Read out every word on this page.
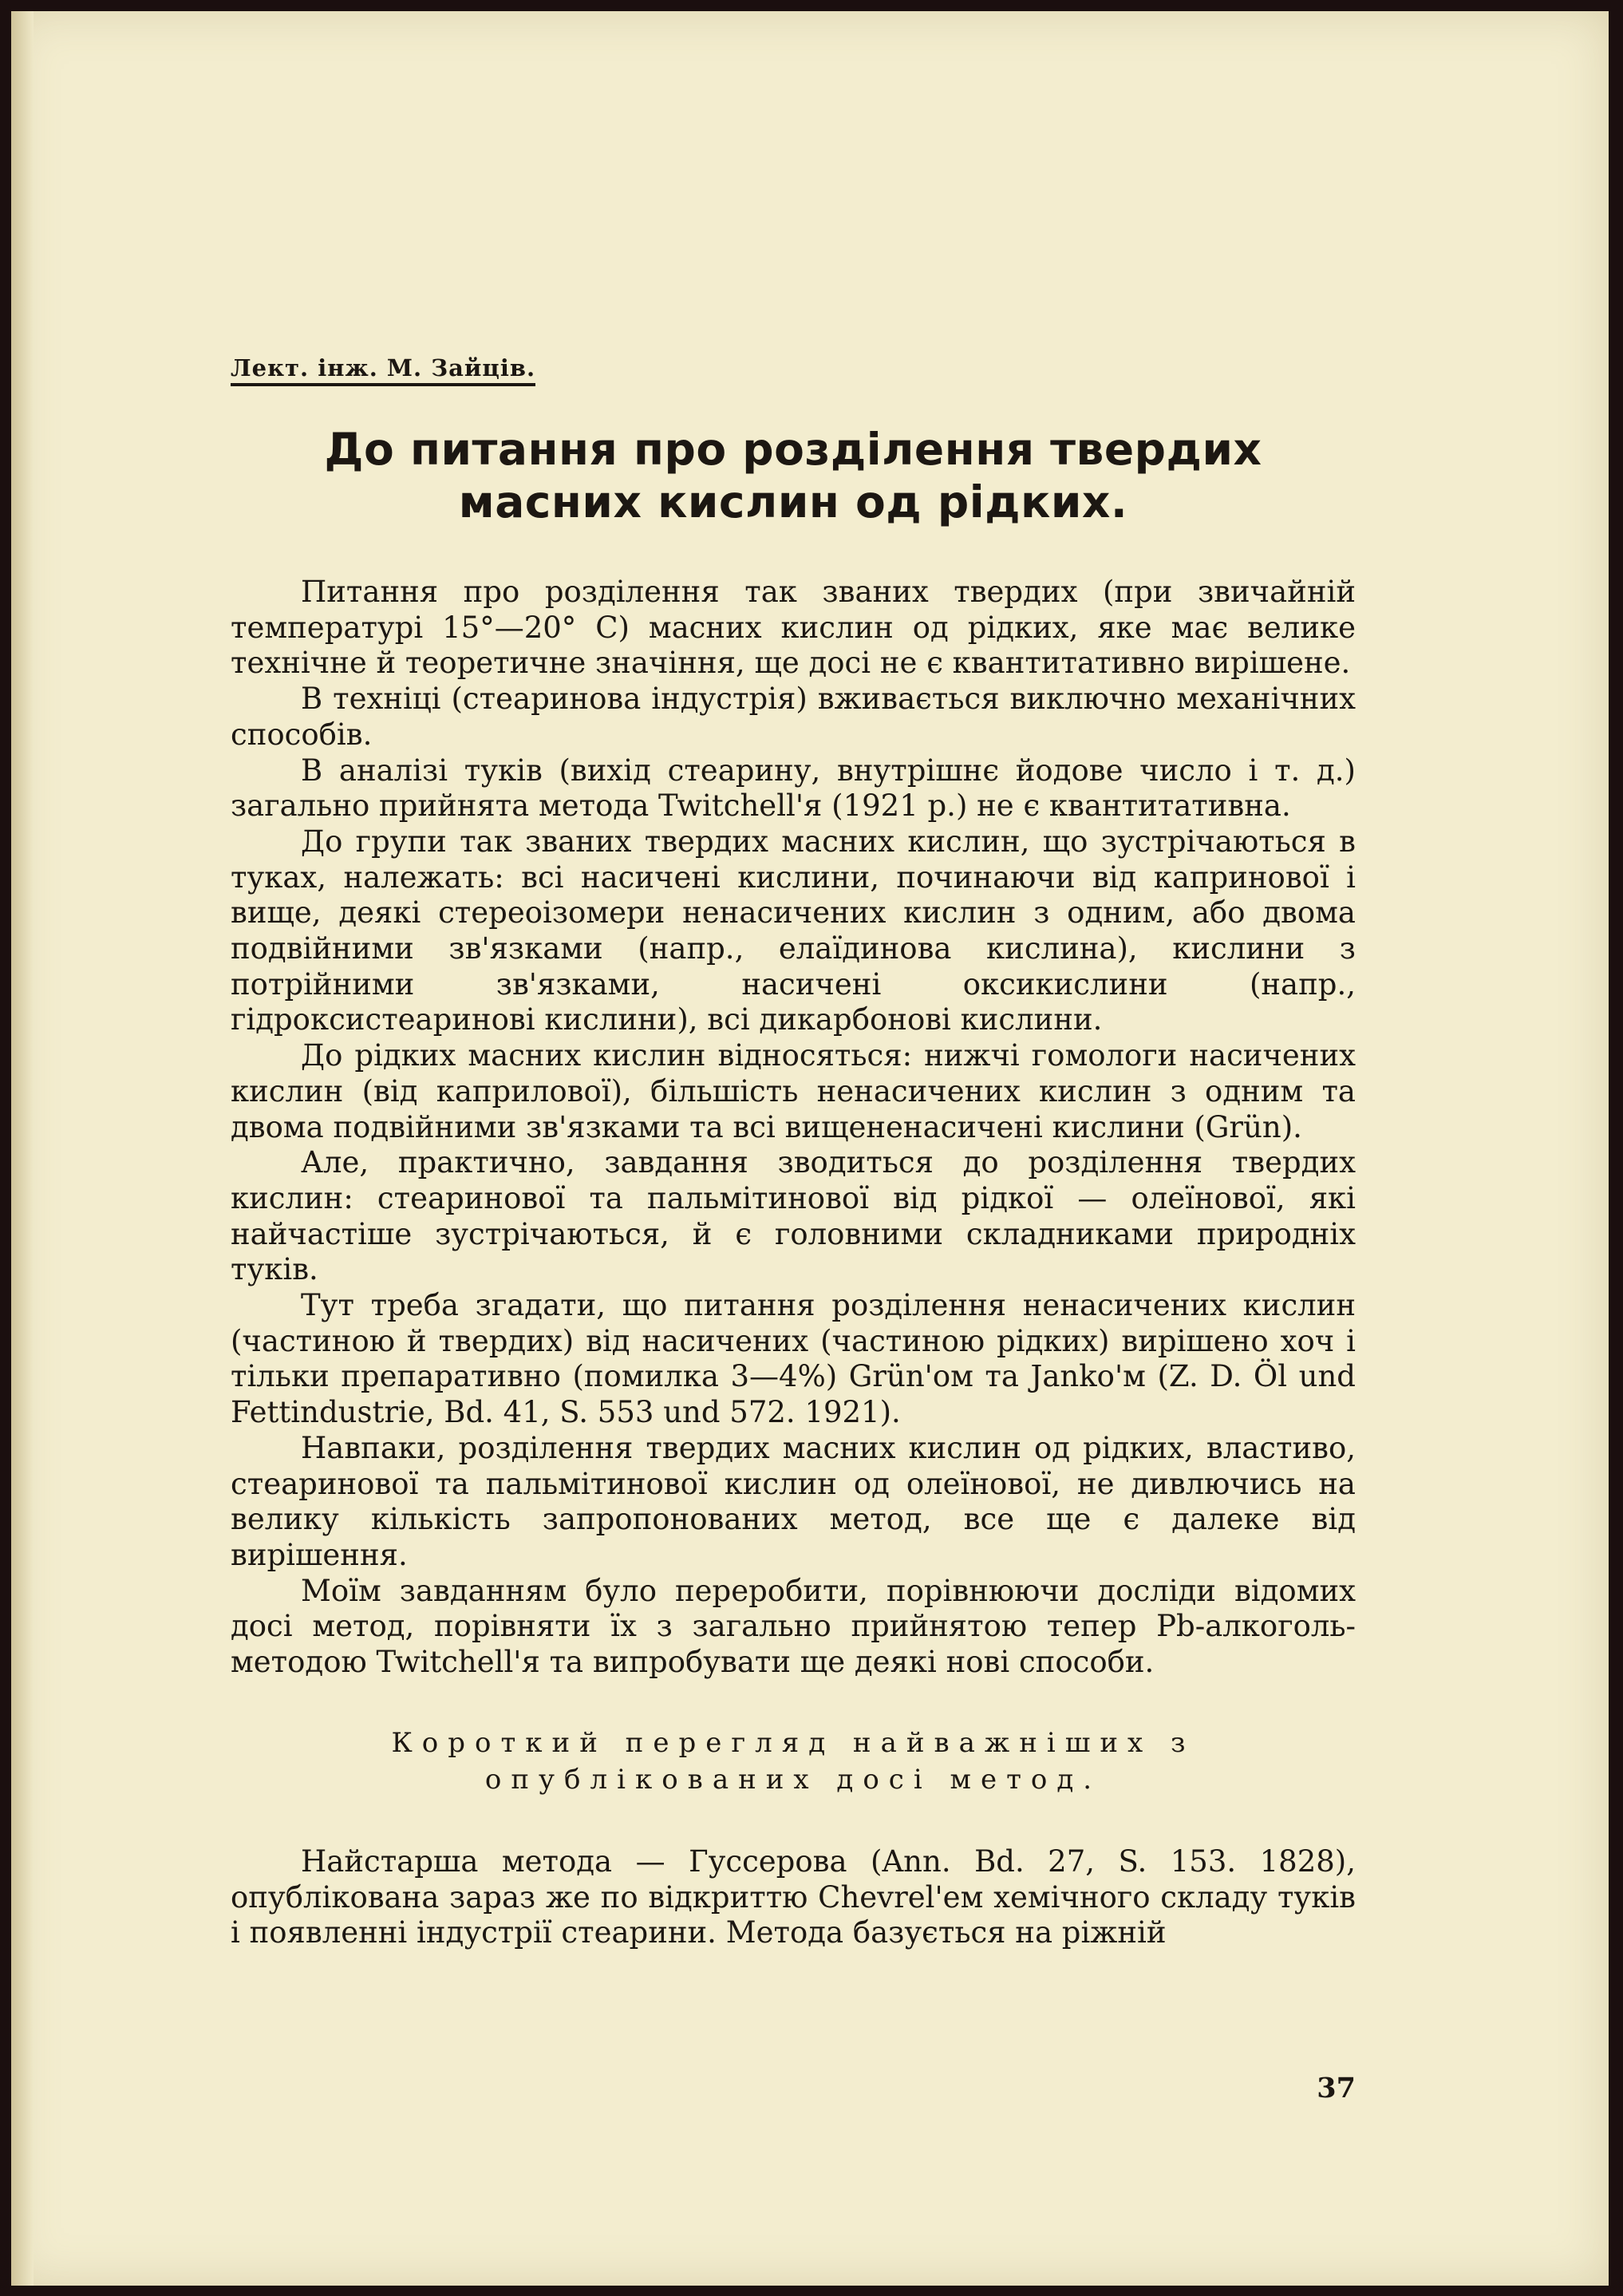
Лект. інж. М. Зайців.
До питання про розділення твердих масних кислин од рідких.

Питання про розділення так званих твердих (при звичайній температурі 15°—20° С) масних кислин од рідких, яке має велике технічне й теоретичне значіння, ще досі не є квантитативно вирішене.

В техніці (стеаринова індустрія) вживається виключно механічних способів.

В аналізі туків (вихід стеарину, внутрішнє йодове число і т. д.) загально прийнята метода Twitchell'я (1921 р.) не є квантитативна.

До групи так званих твердих масних кислин, що зустрічаються в туках, належать: всі насичені кислини, починаючи від капринової і вище, деякі стереоізомери ненасичених кислин з одним, або двома подвійними зв'язками (напр., елаїдинова кислина), кислини з потрійними зв'язками, насичені оксикислини (напр., гідроксистеаринові кислини), всі дикарбонові кислини.

До рідких масних кислин відносяться: нижчі гомологи насичених кислин (від каприлової), більшість ненасичених кислин з одним та двома подвійними зв'язками та всі вищененасичені кислини (Grün).

Але, практично, завдання зводиться до розділення твердих кислин: стеаринової та пальмітинової від рідкої — олеїнової, які найчастіше зустрічаються, й є головними складниками природніх туків.

Тут треба згадати, що питання розділення ненасичених кислин (частиною й твердих) від насичених (частиною рідких) вирішено хоч і тільки препаративно (помилка 3—4%) Grün'ом та Janko'м (Z. D. Öl und Fettindustrie, Bd. 41, S. 553 und 572. 1921).

Навпаки, розділення твердих масних кислин од рідких, властиво, стеаринової та пальмітинової кислин од олеїнової, не дивлючись на велику кількість запропонованих метод, все ще є далеке від вирішення.

Моїм завданням було переробити, порівнюючи досліди відомих досі метод, порівняти їх з загально прийнятою тепер Pb-алкоголь-методою Twitchell'я та випробувати ще деякі нові способи.

Короткий перегляд найважніших з опублікованих досі метод.

Найстарша метода — Гуссерова (Ann. Bd. 27, S. 153. 1828), опублікована зараз же по відкриттю Chevrel'ем хемічного складу туків і появленні індустрії стеарини. Метода базується на ріжній

37
